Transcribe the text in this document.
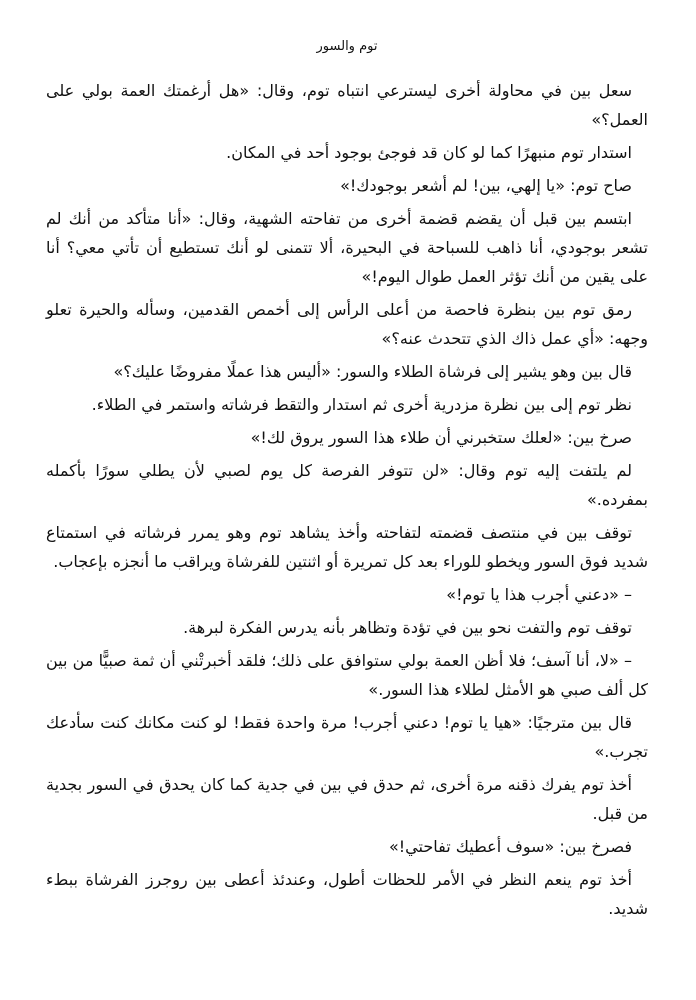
توم والسور

سعل بين في محاولة أخرى ليسترعي انتباه توم، وقال: «هل أرغمتك العمة بولي على العمل؟»

استدار توم منبهرًا كما لو كان قد فوجئ بوجود أحد في المكان.

صاح توم: «يا إلهي، بين! لم أشعر بوجودك!»

ابتسم بين قبل أن يقضم قضمة أخرى من تفاحته الشهية، وقال: «أنا متأكد من أنك لم تشعر بوجودي، أنا ذاهب للسباحة في البحيرة، ألا تتمنى لو أنك تستطيع أن تأتي معي؟ أنا على يقين من أنك تؤثر العمل طوال اليوم!»

رمق توم بين بنظرة فاحصة من أعلى الرأس إلى أخمص القدمين، وسأله والحيرة تعلو وجهه: «أي عمل ذاك الذي تتحدث عنه؟»

قال بين وهو يشير إلى فرشاة الطلاء والسور: «أليس هذا عملًا مفروضًا عليك؟»

نظر توم إلى بين نظرة مزدرية أخرى ثم استدار والتقط فرشاته واستمر في الطلاء.

صرخ بين: «لعلك ستخبرني أن طلاء هذا السور يروق لك!»

لم يلتفت إليه توم وقال: «لن تتوفر الفرصة كل يوم لصبي لأن يطلي سورًا بأكمله بمفرده.»

توقف بين في منتصف قضمته لتفاحته وأخذ يشاهد توم وهو يمرر فرشاته في استمتاع شديد فوق السور ويخطو للوراء بعد كل تمريرة أو اثنتين للفرشاة ويراقب ما أنجزه بإعجاب.

– «دعني أجرب هذا يا توم!»

توقف توم والتفت نحو بين في تؤدة وتظاهر بأنه يدرس الفكرة لبرهة.

– «لا، أنا آسف؛ فلا أظن العمة بولي ستوافق على ذلك؛ فلقد أخبرتْني أن ثمة صبيًّا من بين كل ألف صبي هو الأمثل لطلاء هذا السور.»

قال بين مترجيًا: «هيا يا توم! دعني أجرب! مرة واحدة فقط! لو كنت مكانك كنت سأدعك تجرب.»

أخذ توم يفرك ذقنه مرة أخرى، ثم حدق في بين في جدية كما كان يحدق في السور بجدية من قبل.

فصرخ بين: «سوف أعطيك تفاحتي!»

أخذ توم ينعم النظر في الأمر للحظات أطول، وعندئذ أعطى بين روجرز الفرشاة ببطء شديد.
